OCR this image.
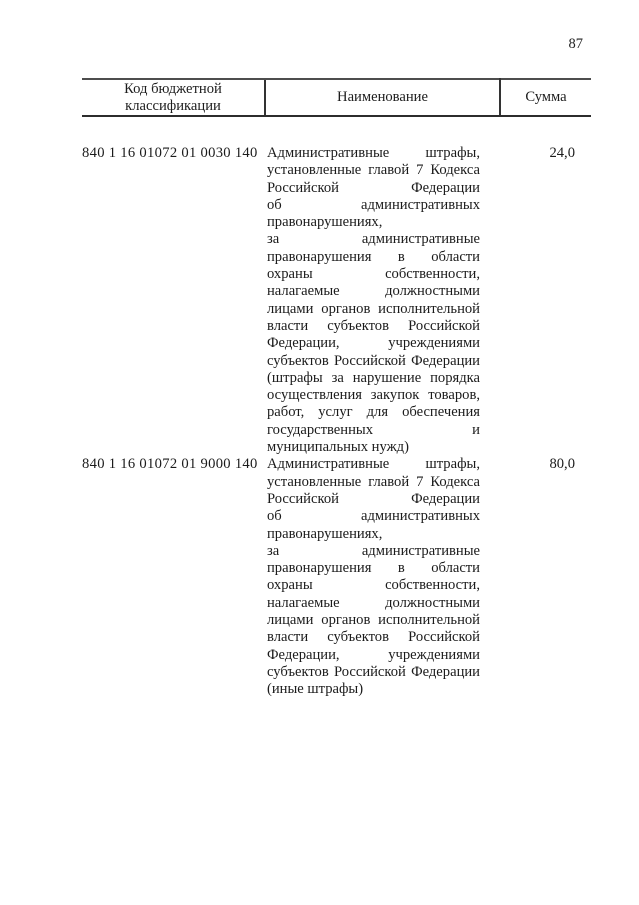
87
Код бюджетной классификации	Наименование	Сумма
840 1 16 01072 01 0030 140	Административные штрафы, установленные главой 7 Кодекса Российской Федерации об административных правонарушениях,

за административные правонарушения в области охраны собственности, налагаемые должностными лицами органов исполнительной власти субъектов Российской Федерации, учреждениями субъектов Российской Федерации (штрафы за нарушение порядка осуществления закупок товаров, работ, услуг для обеспечения государственных и муниципальных нужд)	24,0
840 1 16 01072 01 9000 140	Административные штрафы, установленные главой 7 Кодекса Российской Федерации об административных правонарушениях,

за административные правонарушения в области охраны собственности, налагаемые должностными лицами органов исполнительной власти субъектов Российской Федерации, учреждениями субъектов Российской Федерации (иные штрафы)	80,0
